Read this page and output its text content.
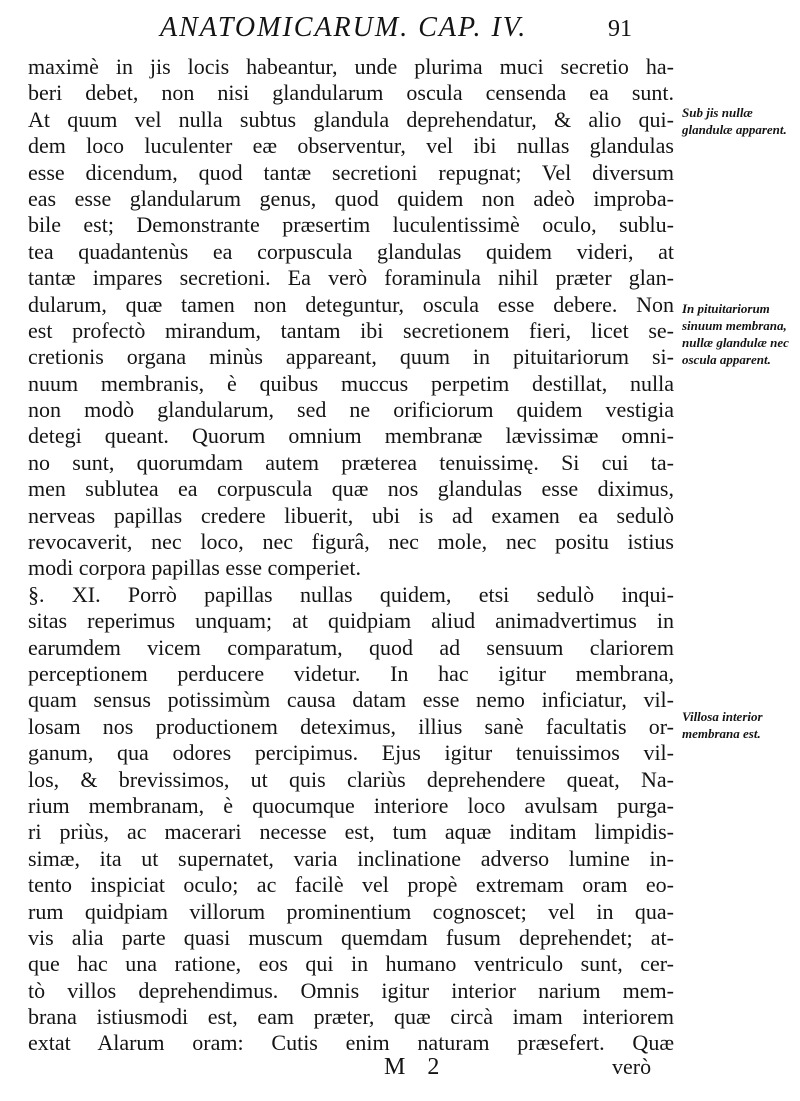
ANATOMICARUM. CAP. IV.	91
maximè in jis locis habeantur, unde plurima muci secretio ha-
beri debet, non nisi glandularum oscula censenda ea sunt.
At quum vel nulla subtus glandula deprehendatur, & alio qui-
dem loco luculenter eæ observentur, vel ibi nullas glandulas
esse dicendum, quod tantæ secretioni repugnat; Vel diversum
eas esse glandularum genus, quod quidem non adeò improba-
bile est; Demonstrante præsertim luculentissimè oculo, sublu-
tea quadantenùs ea corpuscula glandulas quidem videri, at
tantæ impares secretioni. Ea verò foraminula nihil præter glan-
dularum, quæ tamen non deteguntur, oscula esse debere. Non
est profectò mirandum, tantam ibi secretionem fieri, licet se-
cretionis organa minùs appareant, quum in pituitariorum si-
nuum membranis, è quibus muccus perpetim destillat, nulla
non modò glandularum, sed ne orificiorum quidem vestigia
detegi queant. Quorum omnium membranæ lævissimæ omni-
no sunt, quorumdam autem præterea tenuissimę. Si cui ta-
men sublutea ea corpuscula quæ nos glandulas esse diximus,
nerveas papillas credere libuerit, ubi is ad examen ea sedulò
revocaverit, nec loco, nec figurâ, nec mole, nec positu istius
modi corpora papillas esse comperiet.
§. XI. Porrò papillas nullas quidem, etsi sedulò inqui-
sitas reperimus unquam; at quidpiam aliud animadvertimus in
earumdem vicem comparatum, quod ad sensuum clariorem
perceptionem perducere videtur. In hac igitur membrana,
quam sensus potissimùm causa datam esse nemo inficiatur, vil-
losam nos productionem deteximus, illius sanè facultatis or-
ganum, qua odores percipimus. Ejus igitur tenuissimos vil-
los, & brevissimos, ut quis clariùs deprehendere queat, Na-
rium membranam, è quocumque interiore loco avulsam purga-
ri priùs, ac macerari necesse est, tum aquæ inditam limpidis-
simæ, ita ut supernatet, varia inclinatione adverso lumine in-
tento inspiciat oculo; ac facilè vel propè extremam oram eo-
rum quidpiam villorum prominentium cognoscet; vel in qua-
vis alia parte quasi muscum quemdam fusum deprehendet; at-
que hac una ratione, eos qui in humano ventriculo sunt, cer-
tò villos deprehendimus. Omnis igitur interior narium mem-
brana istiusmodi est, eam præter, quæ circà imam interiorem
extat Alarum oram: Cutis enim naturam præsefert. Quæ
Sub jis nullæ glandulæ apparent.
In pituitariorum sinuum membrana, nullæ glandulæ nec oscula apparent.
Villosa interior membrana est.
M 2	verò
